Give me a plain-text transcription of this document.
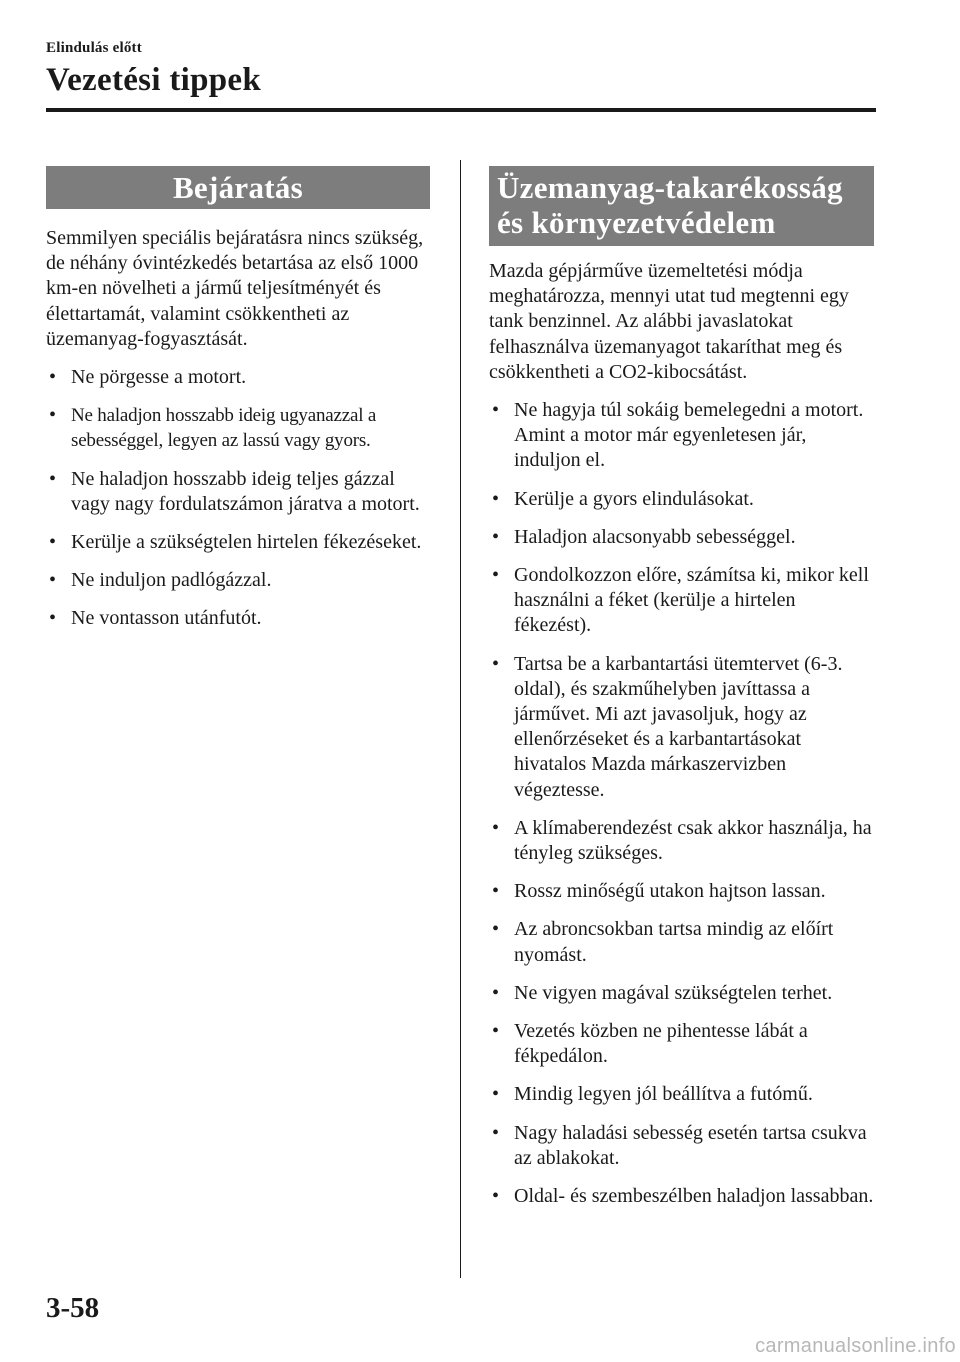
Elindulás előtt
Vezetési tippek
Bejáratás

Semmilyen speciális bejáratásra nincs szükség, de néhány óvintézkedés betartása az első 1000 km-en növelheti a jármű teljesítményét és élettartamát, valamint csökkentheti az üzemanyag-fogyasztását.

• Ne pörgesse a motort.
• Ne haladjon hosszabb ideig ugyanazzal a sebességgel, legyen az lassú vagy gyors.
• Ne haladjon hosszabb ideig teljes gázzal vagy nagy fordulatszámon járatva a motort.
• Kerülje a szükségtelen hirtelen fékezéseket.
• Ne induljon padlógázzal.
• Ne vontasson utánfutót.
Üzemanyag-takarékosság
és környezetvédelem

Mazda gépjárműve üzemeltetési módja meghatározza, mennyi utat tud megtenni egy tank benzinnel. Az alábbi javaslatokat felhasználva üzemanyagot takaríthat meg és csökkentheti a CO2-kibocsátást.

• Ne hagyja túl sokáig bemelegedni a motort. Amint a motor már egyenletesen jár, induljon el.
• Kerülje a gyors elindulásokat.
• Haladjon alacsonyabb sebességgel.
• Gondolkozzon előre, számítsa ki, mikor kell használni a féket (kerülje a hirtelen fékezést).
• Tartsa be a karbantartási ütemtervet (6-3. oldal), és szakműhelyben javíttassa a járművet. Mi azt javasoljuk, hogy az ellenőrzéseket és a karbantartásokat hivatalos Mazda márkaszervizben végeztesse.
• A klímaberendezést csak akkor használja, ha tényleg szükséges.
• Rossz minőségű utakon hajtson lassan.
• Az abroncsokban tartsa mindig az előírt nyomást.
• Ne vigyen magával szükségtelen terhet.
• Vezetés közben ne pihentesse lábát a fékpedálon.
• Mindig legyen jól beállítva a futómű.
• Nagy haladási sebesség esetén tartsa csukva az ablakokat.
• Oldal- és szembeszélben haladjon lassabban.
3-58
carmanualsonline.info
